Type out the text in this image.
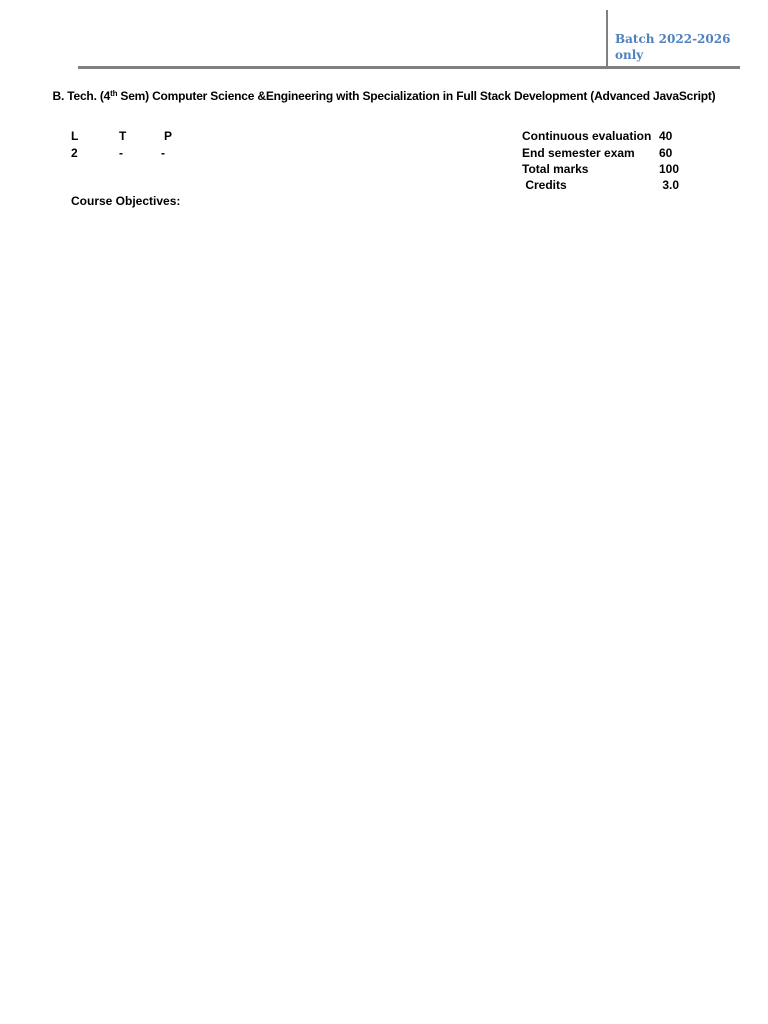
Batch 2022-2026
only
B. Tech. (4th Sem) Computer Science &Engineering with Specialization in Full Stack Development (Advanced JavaScript)
L	T	P
2	-	-
Continuous evaluation 40
End semester exam 60
Total marks	100
Credits	3.0
Course Objectives:
